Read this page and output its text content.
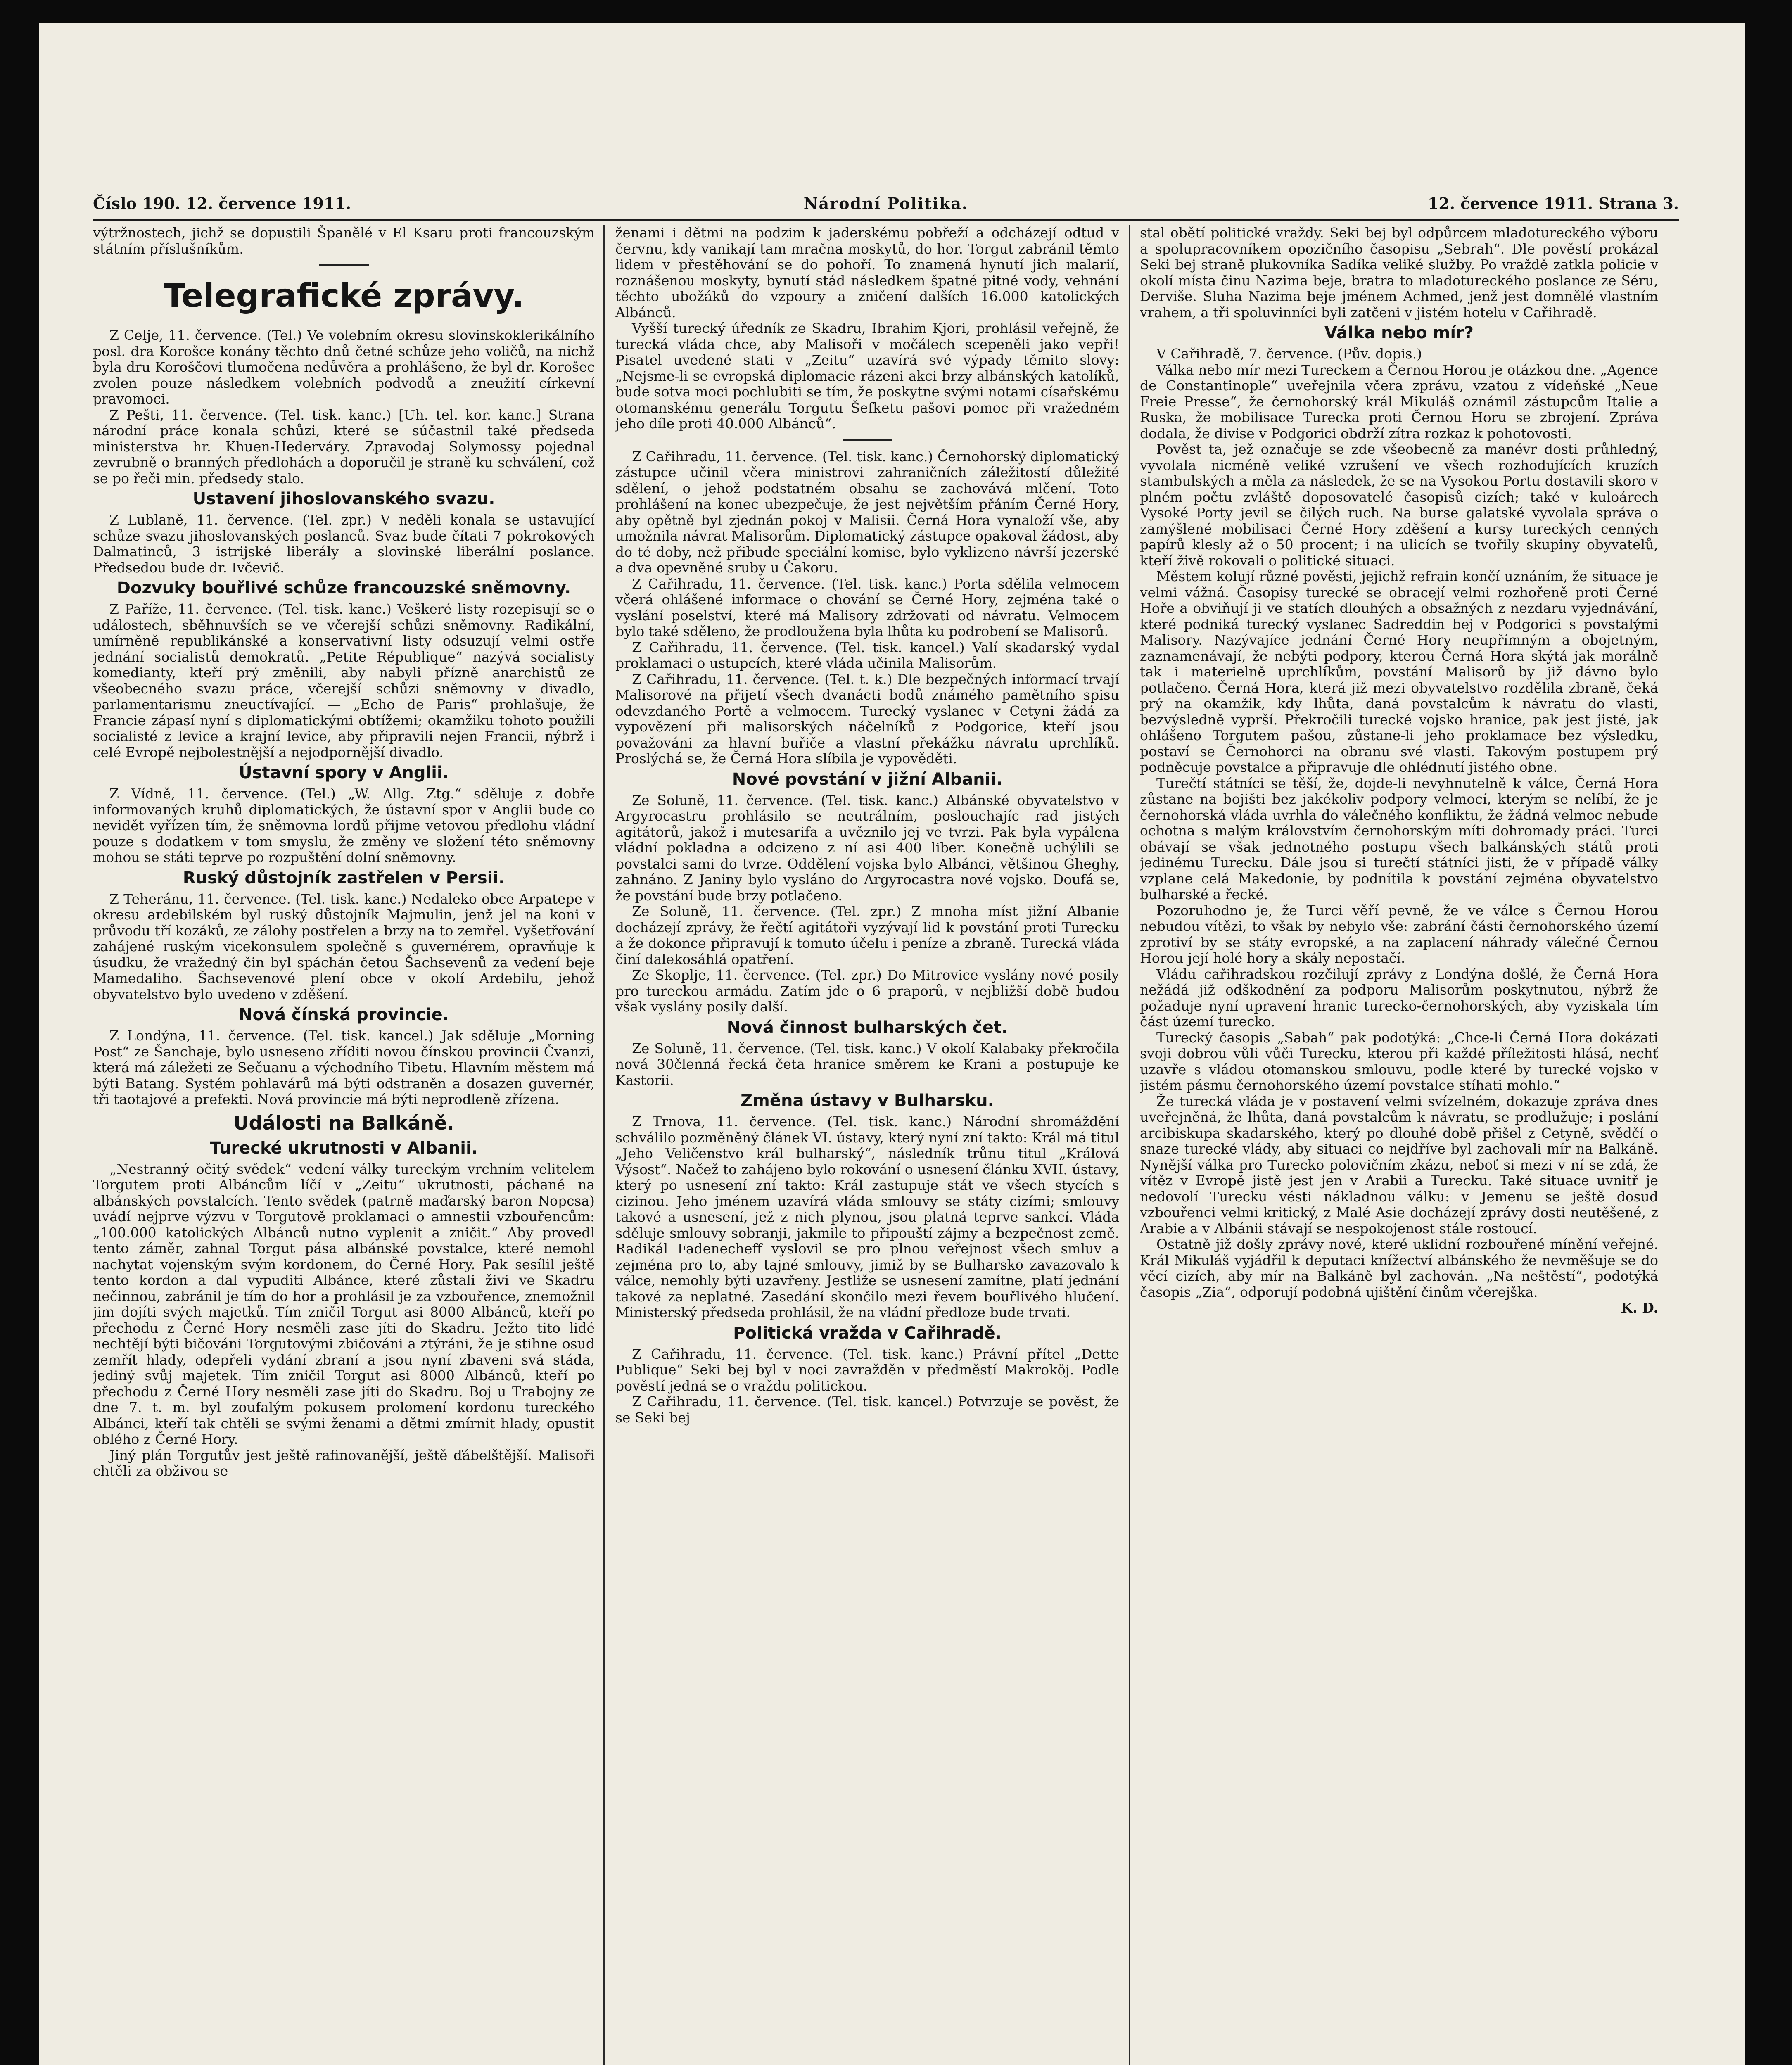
Číslo 190. 12. července 1911.	Národní Politika.	12. července 1911. Strana 3.

výtržnostech, jichž se dopustili Španělé v El Ksaru proti francouzským státním příslušníkům.

Telegrafické zprávy.

Z Celje, 11. července. (Tel.) Ve volebním okresu slovinskoklerikálního posl. dra Korošce konány těchto dnů četné schůze jeho voličů, na nichž byla dru Koroščovi tlumočena nedůvěra a prohlášeno, že byl dr. Korošec zvolen pouze následkem volebních podvodů a zneužití církevní pravomoci.

Z Pešti, 11. července. (Tel. tisk. kanc.) [Uh. tel. kor. kanc.] Strana národní práce konala schůzi, které se súčastnil také předseda ministerstva hr. Khuen-Hederváry. Zpravodaj Solymossy pojednal zevrubně o branných předlohách a doporučil je straně ku schválení, což se po řeči min. předsedy stalo.

Ustavení jihoslovanského svazu.

Z Lublaně, 11. července. (Tel. zpr.) V neděli konala se ustavující schůze svazu jihoslovanských poslanců. Svaz bude čítati 7 pokrokových Dalmatinců, 3 istrijské liberály a slovinské liberální poslance. Předsedou bude dr. Ivčevič.

Dozvuky bouřlivé schůze francouzské sněmovny.

Z Paříže, 11. července. (Tel. tisk. kanc.) Veškeré listy rozepisují se o událostech, sběhnuvších se ve včerejší schůzi sněmovny. Radikální, umírněně republikánské a konservativní listy odsuzují velmi ostře jednání socialistů demokratů. „Petite République“ nazývá socialisty komedianty, kteří prý změnili, aby nabyli přízně anarchistů ze všeobecného svazu práce, včerejší schůzi sněmovny v divadlo, parlamentarismu zneuctívající. — „Echo de Paris“ prohlašuje, že Francie zápasí nyní s diplomatickými obtížemi; okamžiku tohoto použili socialisté z levice a krajní levice, aby připravili nejen Francii, nýbrž i celé Evropě nejbolestnější a nejodpornější divadlo.

Ústavní spory v Anglii.

Z Vídně, 11. července. (Tel.) „W. Allg. Ztg.“ sděluje z dobře informovaných kruhů diplomatických, že ústavní spor v Anglii bude co nevidět vyřízen tím, že sněmovna lordů přijme vetovou předlohu vládní pouze s dodatkem v tom smyslu, že změny ve složení této sněmovny mohou se státi teprve po rozpuštění dolní sněmovny.

Ruský důstojník zastřelen v Persii.

Z Teheránu, 11. července. (Tel. tisk. kanc.) Nedaleko obce Arpatepe v okresu ardebilském byl ruský důstojník Majmulin, jenž jel na koni v průvodu tří kozáků, ze zálohy postřelen a brzy na to zemřel. Vyšetřování zahájené ruským vicekonsulem společně s guvernérem, opravňuje k úsudku, že vražedný čin byl spáchán četou Šachsevenů za vedení beje Mamedaliho. Šachsevenové plení obce v okolí Ardebilu, jehož obyvatelstvo bylo uvedeno v zděšení.

Nová čínská provincie.

Z Londýna, 11. července. (Tel. tisk. kancel.) Jak sděluje „Morning Post“ ze Šanchaje, bylo usneseno zříditi novou čínskou provincii Čvanzi, která má záležeti ze Sečuanu a východního Tibetu. Hlavním městem má býti Batang. Systém pohlavárů má býti odstraněn a dosazen guvernér, tři taotajové a prefekti. Nová provincie má býti neprodleně zřízena.

Události na Balkáně.
Turecké ukrutnosti v Albanii.

„Nestranný očitý svědek“ vedení války tureckým vrchním velitelem Torgutem proti Albáncům líčí v „Zeitu“ ukrutnosti, páchané na albánských povstalcích. Tento svědek (patrně maďarský baron Nopcsa) uvádí nejprve výzvu v Torgutově proklamaci o amnestii vzbouřencům: „100.000 katolických Albánců nutno vyplenit a zničit.“ Aby provedl tento záměr, zahnal Torgut pása albánské povstalce, které nemohl nachytat vojenským svým kordonem, do Černé Hory. Pak sesílil ještě tento kordon a dal vypuditi Albánce, které zůstali živi ve Skadru nečinnou, zabránil je tím do hor a prohlásil je za vzbouřence, znemožnil jim dojíti svých majetků. Tím zničil Torgut asi 8000 Albánců, kteří po přechodu z Černé Hory nesměli zase jíti do Skadru. Ježto tito lidé nechtějí býti bičováni Torgutovými zbičováni a ztýráni, že je stihne osud zemřít hlady, odepřeli vydání zbraní a jsou nyní zbaveni svá stáda, jediný svůj majetek. Tím zničil Torgut asi 8000 Albánců, kteří po přechodu z Černé Hory nesměli zase jíti do Skadru. Boj u Trabojny ze dne 7. t. m. byl zoufalým pokusem prolomení kordonu tureckého Albánci, kteří tak chtěli se svými ženami a dětmi zmírnit hlady, opustit oblého z Černé Hory.

Jiný plán Torgutův jest ještě rafinovanější, ještě ďábelštější. Malisoři chtěli za obživou se

ženami i dětmi na podzim k jaderskému pobřeží a odcházejí odtud v červnu, kdy vanikají tam mračna moskytů, do hor. Torgut zabránil těmto lidem v přestěhování se do pohoří. To znamená hynutí jich malarií, roznášenou moskyty, bynutí stád následkem špatné pitné vody, vehnání těchto ubožáků do vzpoury a zničení dalších 16.000 katolických Albánců.

Vyšší turecký úředník ze Skadru, Ibrahim Kjori, prohlásil veřejně, že turecká vláda chce, aby Malisoři v močálech scepeněli jako vepři! Pisatel uvedené stati v „Zeitu“ uzavírá své výpady těmito slovy: „Nejsme-li se evropská diplomacie rázeni akci brzy albánských katolíků, bude sotva moci pochlubiti se tím, že poskytne svými notami císařskému otomanskému generálu Torgutu Šefketu pašovi pomoc při vražedném jeho díle proti 40.000 Albánců“.

Z Cařihradu, 11. července. (Tel. tisk. kanc.) Černohorský diplomatický zástupce učinil včera ministrovi zahraničních záležitostí důležité sdělení, o jehož podstatném obsahu se zachovává mlčení. Toto prohlášení na konec ubezpečuje, že jest největším přáním Černé Hory, aby opětně byl zjednán pokoj v Malisii. Černá Hora vynaloží vše, aby umožnila návrat Malisorům. Diplomatický zástupce opakoval žádost, aby do té doby, než přibude speciální komise, bylo vyklizeno návrší jezerské a dva opevněné sruby u Čakoru.

Z Cařihradu, 11. července. (Tel. tisk. kanc.) Porta sdělila velmocem včerá ohlášené informace o chování se Černé Hory, zejména také o vyslání poselství, které má Malisory zdržovati od návratu. Velmocem bylo také sděleno, že prodloužena byla lhůta ku podrobení se Malisorů.

Z Cařihradu, 11. července. (Tel. tisk. kancel.) Valí skadarský vydal proklamaci o ustupcích, které vláda učinila Malisorům.

Z Cařihradu, 11. července. (Tel. t. k.) Dle bezpečných informací trvají Malisorové na přijetí všech dvanácti bodů známého pamětního spisu odevzdaného Portě a velmocem. Turecký vyslanec v Cetyni žádá za vypovězení při malisorských náčelníků z Podgorice, kteří jsou považováni za hlavní buřiče a vlastní překážku návratu uprchlíků. Proslýchá se, že Černá Hora slíbila je vypověděti.

Nové povstání v jižní Albanii.

Ze Soluně, 11. července. (Tel. tisk. kanc.) Albánské obyvatelstvo v Argyrocastru prohlásilo se neutrálním, poslouchajíc rad jistých agitátorů, jakož i mutesarifa a uvěznilo jej ve tvrzi. Pak byla vypálena vládní pokladna a odcizeno z ní asi 400 liber. Konečně uchýlili se povstalci sami do tvrze. Oddělení vojska bylo Albánci, většinou Gheghy, zahnáno. Z Janiny bylo vysláno do Argyrocastra nové vojsko. Doufá se, že povstání bude brzy potlačeno.

Ze Soluně, 11. července. (Tel. zpr.) Z mnoha míst jižní Albanie docházejí zprávy, že řečtí agitátoři vyzývají lid k povstání proti Turecku a že dokonce připravují k tomuto účelu i peníze a zbraně. Turecká vláda činí dalekosáhlá opatření.

Ze Skoplje, 11. července. (Tel. zpr.) Do Mitrovice vyslány nové posily pro tureckou armádu. Zatím jde o 6 praporů, v nejbližší době budou však vyslány posily další.

Nová činnost bulharských čet.

Ze Soluně, 11. července. (Tel. tisk. kanc.) V okolí Kalabaky překročila nová 30členná řecká četa hranice směrem ke Krani a postupuje ke Kastorii.

Změna ústavy v Bulharsku.

Z Trnova, 11. července. (Tel. tisk. kanc.) Národní shromáždění schválilo pozměněný článek VI. ústavy, který nyní zní takto: Král má titul „Jeho Veličenstvo král bulharský“, následník trůnu titul „Králová Výsost“. Načež to zahájeno bylo rokování o usnesení článku XVII. ústavy, který po usnesení zní takto: Král zastupuje stát ve všech stycích s cizinou. Jeho jménem uzavírá vláda smlouvy se státy cizími; smlouvy takové a usnesení, jež z nich plynou, jsou platná teprve sankcí. Vláda sděluje smlouvy sobranji, jakmile to připouští zájmy a bezpečnost země. Radikál Fadenecheff vyslovil se pro plnou veřejnost všech smluv a zejména pro to, aby tajné smlouvy, jimiž by se Bulharsko zavazovalo k válce, nemohly býti uzavřeny. Jestliže se usnesení zamítne, platí jednání takové za neplatné. Zasedání skončilo mezi řevem bouřlivého hlučení. Ministerský předseda prohlásil, že na vládní předloze bude trvati.

Politická vražda v Cařihradě.

Z Cařihradu, 11. července. (Tel. tisk. kanc.) Právní přítel „Dette Publique“ Seki bej byl v noci zavražděn v předměstí Makroköj. Podle pověstí jedná se o vraždu politickou.

Z Cařihradu, 11. července. (Tel. tisk. kancel.) Potvrzuje se pověst, že se Seki bej

stal obětí politické vraždy. Seki bej byl odpůrcem mladotureckého výboru a spolupracovníkem opozičního časopisu „Sebrah“. Dle pověstí prokázal Seki bej straně plukovníka Sadíka veliké služby. Po vraždě zatkla policie v okolí místa činu Nazima beje, bratra to mladotureckého poslance ze Séru, Derviše. Sluha Nazima beje jménem Achmed, jenž jest domnělé vlastním vrahem, a tři spoluvinníci byli zatčeni v jistém hotelu v Cařihradě.

Válka nebo mír?

V Cařihradě, 7. července. (Pův. dopis.)

Válka nebo mír mezi Tureckem a Černou Horou je otázkou dne. „Agence de Constantinople“ uveřejnila včera zprávu, vzatou z vídeňské „Neue Freie Presse“, že černohorský král Mikuláš oznámil zástupcům Italie a Ruska, že mobilisace Turecka proti Černou Horu se zbrojení. Zpráva dodala, že divise v Podgorici obdrží zítra rozkaz k pohotovosti.

Pověst ta, jež označuje se zde všeobecně za manévr dosti průhledný, vyvolala nicméně veliké vzrušení ve všech rozhodujících kruzích stambulských a měla za následek, že se na Vysokou Portu dostavili skoro v plném počtu zvláště doposovatelé časopisů cizích; také v kuloárech Vysoké Porty jevil se čilých ruch. Na burse galatské vyvolala správa o zamýšlené mobilisaci Černé Hory zděšení a kursy tureckých cenných papírů klesly až o 50 procent; i na ulicích se tvořily skupiny obyvatelů, kteří živě rokovali o politické situaci.

Městem kolují různé pověsti, jejichž refrain končí uznáním, že situace je velmi vážná. Časopisy turecké se obracejí velmi rozhořeně proti Černé Hoře a obviňují ji ve statích dlouhých a obsažných z nezdaru vyjednávání, které podniká turecký vyslanec Sadreddin bej v Podgorici s povstalými Malisory. Nazývajíce jednání Černé Hory neupřímným a obojetným, zaznamenávají, že nebýti podpory, kterou Černá Hora skýtá jak morálně tak i materielně uprchlíkům, povstání Malisorů by již dávno bylo potlačeno. Černá Hora, která již mezi obyvatelstvo rozdělila zbraně, čeká prý na okamžik, kdy lhůta, daná povstalcům k návratu do vlasti, bezvýsledně vyprší. Překročili turecké vojsko hranice, pak jest jisté, jak ohlášeno Torgutem pašou, zůstane-li jeho proklamace bez výsledku, postaví se Černohorci na obranu své vlasti. Takovým postupem prý podněcuje povstalce a připravuje dle ohlédnutí jistého obne.

Turečtí státníci se těší, že, dojde-li nevyhnutelně k válce, Černá Hora zůstane na bojišti bez jakékoliv podpory velmocí, kterým se nelíbí, že je černohorská vláda uvrhla do válečného konfliktu, že žádná velmoc nebude ochotna s malým královstvím černohorským míti dohromady práci. Turci obávají se však jednotného postupu všech balkánských států proti jedinému Turecku. Dále jsou si turečtí státníci jisti, že v případě války vzplane celá Makedonie, by podnítila k povstání zejména obyvatelstvo bulharské a řecké.

Pozoruhodno je, že Turci věří pevně, že ve válce s Černou Horou nebudou vítězi, to však by nebylo vše: zabrání části černohorského území zprotiví by se státy evropské, a na zaplacení náhrady válečné Černou Horou její holé hory a skály nepostačí.

Vládu cařihradskou rozčilují zprávy z Londýna došlé, že Černá Hora nežádá již odškodnění za podporu Malisorům poskytnutou, nýbrž že požaduje nyní upravení hranic turecko-černohorských, aby vyziskala tím část území turecko.

Turecký časopis „Sabah“ pak podotýká: „Chce-li Černá Hora dokázati svoji dobrou vůli vůči Turecku, kterou při každé příležitosti hlásá, nechť uzavře s vládou otomanskou smlouvu, podle které by turecké vojsko v jistém pásmu černohorského území povstalce stíhati mohlo.“

Že turecká vláda je v postavení velmi svízelném, dokazuje zpráva dnes uveřejněná, že lhůta, daná povstalcům k návratu, se prodlužuje; i poslání arcibiskupa skadarského, který po dlouhé době přišel z Cetyně, svědčí o snaze turecké vlády, aby situaci co nejdříve byl zachovali mír na Balkáně. Nynější válka pro Turecko polovičním zkázu, neboť si mezi v ní se zdá, že vítěz v Evropě jistě jest jen v Arabii a Turecku. Také situace uvnitř je nedovolí Turecku vésti nákladnou válku: v Jemenu se ještě dosud vzbouřenci velmi kritický, z Malé Asie docházejí zprávy dosti neutěšené, z Arabie a v Albánii stávají se nespokojenost stále rostoucí.

Ostatně již došly zprávy nové, které uklidní rozbouřené mínění veřejné. Král Mikuláš vyjádřil k deputaci knížectví albánského že nevměšuje se do věcí cizích, aby mír na Balkáně byl zachován. „Na neštěstí“, podotýká časopis „Zia“, odporují podobná ujištění činům včerejška.

K. D.
